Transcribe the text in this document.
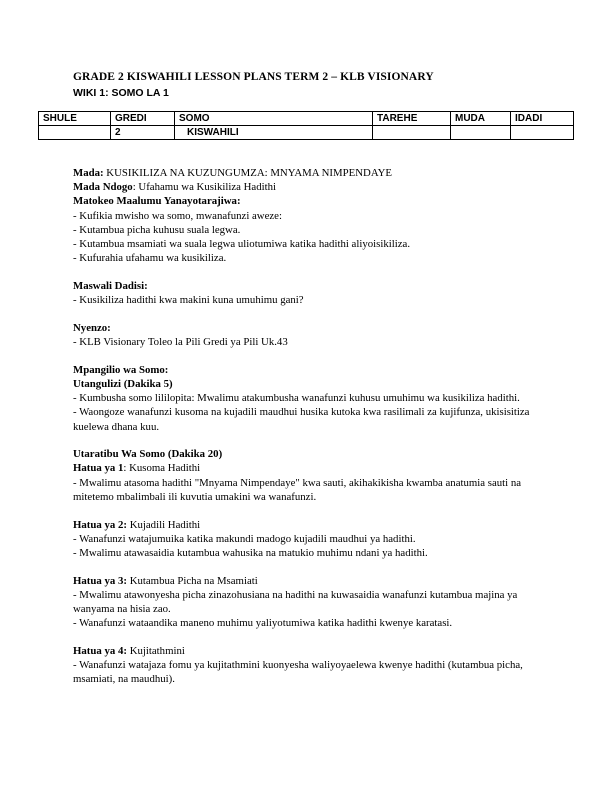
GRADE 2 KISWAHILI LESSON PLANS TERM 2 – KLB VISIONARY
WIKI 1: SOMO LA 1
SHULE	GREDI	SOMO	TAREHE	MUDA	IDADI
	2	KISWAHILI			

Mada: KUSIKILIZA NA KUZUNGUMZA: MNYAMA NIMPENDAYE

Mada Ndogo: Ufahamu wa Kusikiliza Hadithi

Matokeo Maalumu Yanayotarajiwa:

- Kufikia mwisho wa somo, mwanafunzi aweze:

- Kutambua picha kuhusu suala legwa.

- Kutambua msamiati wa suala legwa uliotumiwa katika hadithi aliyoisikiliza.

- Kufurahia ufahamu wa kusikiliza.

Maswali Dadisi:

- Kusikiliza hadithi kwa makini kuna umuhimu gani?

Nyenzo:

- KLB Visionary Toleo la Pili Gredi ya Pili Uk.43

Mpangilio wa Somo:

Utangulizi (Dakika 5)

- Kumbusha somo lililopita: Mwalimu atakumbusha wanafunzi kuhusu umuhimu wa kusikiliza hadithi.

- Waongoze wanafunzi kusoma na kujadili maudhui husika kutoka kwa rasilimali za kujifunza, ukisisitiza kuelewa dhana kuu.

Utaratibu Wa Somo (Dakika 20)

Hatua ya 1: Kusoma Hadithi

- Mwalimu atasoma hadithi "Mnyama Nimpendaye" kwa sauti, akihakikisha kwamba anatumia sauti na mitetemo mbalimbali ili kuvutia umakini wa wanafunzi.

Hatua ya 2: Kujadili Hadithi

- Wanafunzi watajumuika katika makundi madogo kujadili maudhui ya hadithi.

- Mwalimu atawasaidia kutambua wahusika na matukio muhimu ndani ya hadithi.

Hatua ya 3: Kutambua Picha na Msamiati

- Mwalimu atawonyesha picha zinazohusiana na hadithi na kuwasaidia wanafunzi kutambua majina ya wanyama na hisia zao.

- Wanafunzi wataandika maneno muhimu yaliyotumiwa katika hadithi kwenye karatasi.

Hatua ya 4: Kujitathmini

- Wanafunzi watajaza fomu ya kujitathmini kuonyesha waliyoyaelewa kwenye hadithi (kutambua picha, msamiati, na maudhui).
